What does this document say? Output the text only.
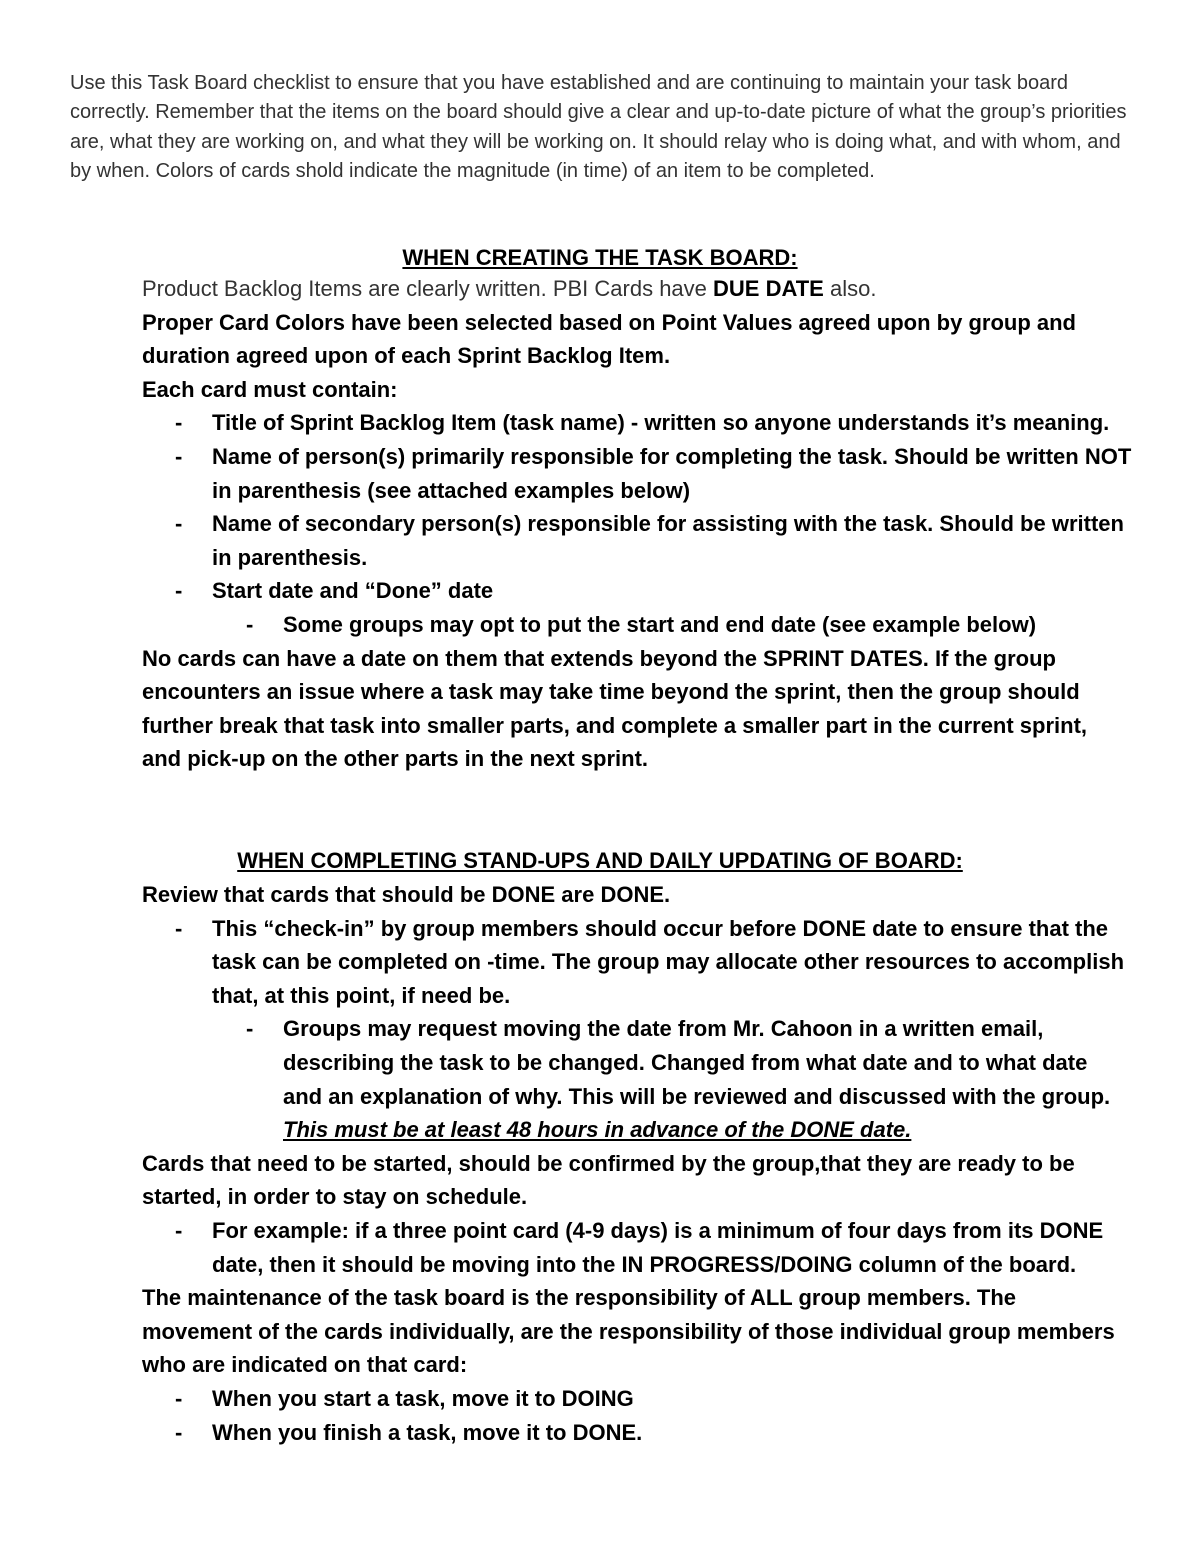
Use this Task Board checklist to ensure that you have established and are continuing to maintain your task board correctly. Remember that the items on the board should give a clear and up-to-date picture of what the group’s priorities are, what they are working on, and what they will be working on. It should relay who is doing what, and with whom, and by when. Colors of cards shold indicate the magnitude (in time) of an item to be completed.

WHEN CREATING THE TASK BOARD:

Product Backlog Items are clearly written. PBI Cards have DUE DATE also.

Proper Card Colors have been selected based on Point Values agreed upon by group and duration agreed upon of each Sprint Backlog Item.

Each card must contain:

- Title of Sprint Backlog Item (task name) - written so anyone understands it’s meaning.

- Name of person(s) primarily responsible for completing the task. Should be written NOT in parenthesis (see attached examples below)

- Name of secondary person(s) responsible for assisting with the task. Should be written in parenthesis.

- Start date and “Done” date

- Some groups may opt to put the start and end date (see example below)

No cards can have a date on them that extends beyond the SPRINT DATES. If the group encounters an issue where a task may take time beyond the sprint, then the group should further break that task into smaller parts, and complete a smaller part in the current sprint, and pick-up on the other parts in the next sprint.

WHEN COMPLETING STAND-UPS AND DAILY UPDATING OF BOARD:

Review that cards that should be DONE are DONE.

- This “check-in” by group members should occur before DONE date to ensure that the task can be completed on -time. The group may allocate other resources to accomplish that, at this point, if need be.

- Groups may request moving the date from Mr. Cahoon in a written email, describing the task to be changed. Changed from what date and to what date and an explanation of why. This will be reviewed and discussed with the group. This must be at least 48 hours in advance of the DONE date.

Cards that need to be started, should be confirmed by the group,that they are ready to be started, in order to stay on schedule.

- For example: if a three point card (4-9 days) is a minimum of four days from its DONE date, then it should be moving into the IN PROGRESS/DOING column of the board.

The maintenance of the task board is the responsibility of ALL group members. The movement of the cards individually, are the responsibility of those individual group members who are indicated on that card:

- When you start a task, move it to DOING

- When you finish a task, move it to DONE.
